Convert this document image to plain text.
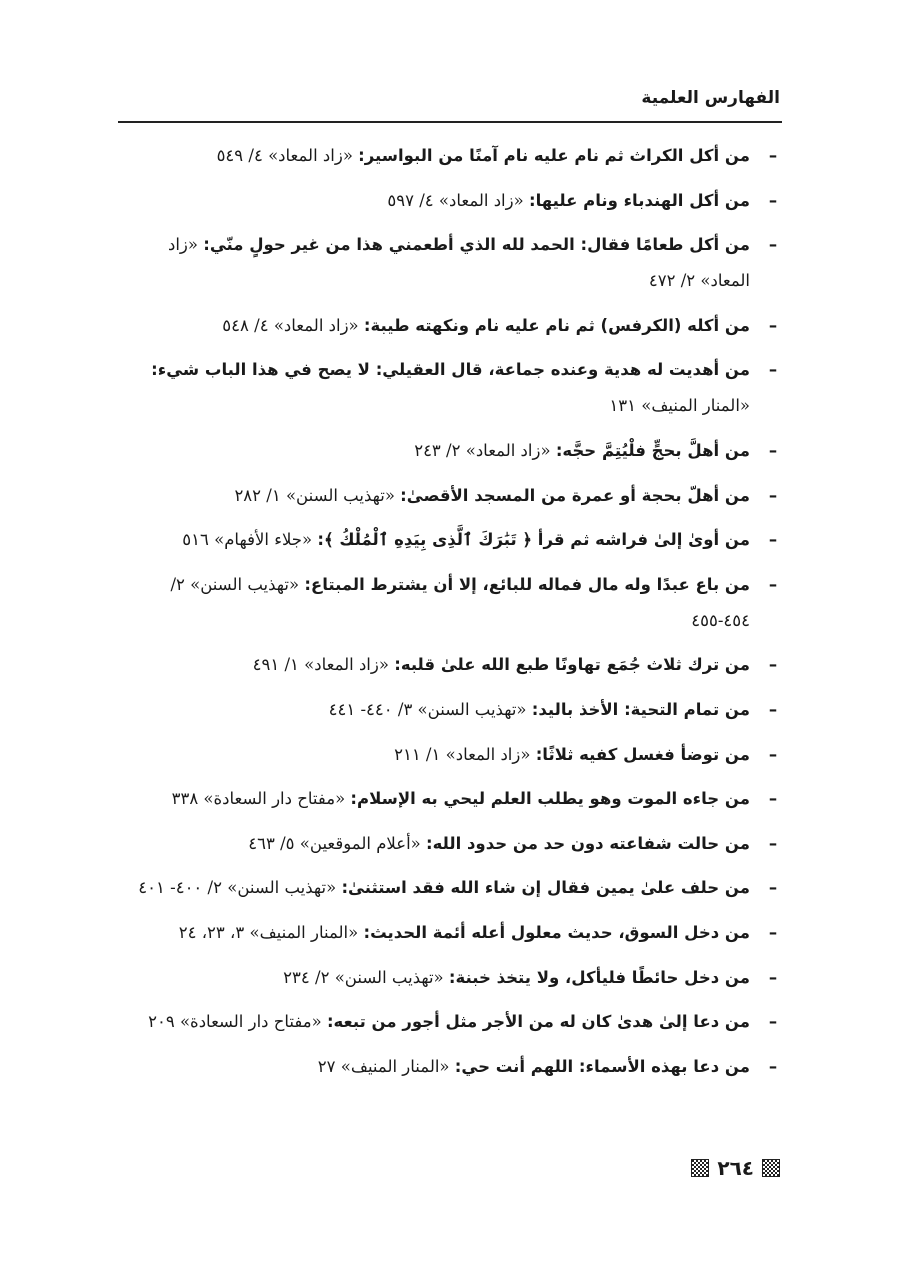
الفهارس العلمية
–
من أكل الكراث ثم نام عليه نام آمنًا من البواسير: «زاد المعاد» ٤/ ٥٤٩
–
من أكل الهندباء ونام عليها: «زاد المعاد» ٤/ ٥٩٧
–
من أكل طعامًا فقال: الحمد لله الذي أطعمني هذا من غير حولٍ منّي: «زاد المعاد» ٢/ ٤٧٢
–
من أكله (الكرفس) ثم نام عليه نام ونكهته طيبة: «زاد المعاد» ٤/ ٥٤٨
–
من أهديت له هدية وعنده جماعة، قال العقيلي: لا يصح في هذا الباب شيء: «المنار المنيف» ١٣١
–
من أهلَّ بحجٍّ فلْيُتِمَّ حجَّه: «زاد المعاد» ٢/ ٢٤٣
–
من أهلّ بحجة أو عمرة من المسجد الأقصىٰ: «تهذيب السنن» ١/ ٢٨٢
–
من أوىٰ إلىٰ فراشه ثم قرأ ﴿ تَبَٰرَكَ ٱلَّذِى بِيَدِهِ ٱلْمُلْكُ ﴾: «جلاء الأفهام» ٥١٦
–
من باع عبدًا وله مال فماله للبائع، إلا أن يشترط المبتاع: «تهذيب السنن» ٢/ ٤٥٤-٤٥٥
–
من ترك ثلاث جُمَع تهاونًا طبع الله علىٰ قلبه: «زاد المعاد» ١/ ٤٩١
–
من تمام التحية: الأخذ باليد: «تهذيب السنن» ٣/ ٤٤٠- ٤٤١
–
من توضأ فغسل كفيه ثلاثًا: «زاد المعاد» ١/ ٢١١
–
من جاءه الموت وهو يطلب العلم ليحي به الإسلام: «مفتاح دار السعادة» ٣٣٨
–
من حالت شفاعته دون حد من حدود الله: «أعلام الموقعين» ٥/ ٤٦٣
–
من حلف علىٰ يمين فقال إن شاء الله فقد استثنىٰ: «تهذيب السنن» ٢/ ٤٠٠- ٤٠١
–
من دخل السوق، حديث معلول أعله أئمة الحديث: «المنار المنيف» ٣، ٢٣، ٢٤
–
من دخل حائطًا فليأكل، ولا يتخذ خبنة: «تهذيب السنن» ٢/ ٢٣٤
–
من دعا إلىٰ هدىٰ كان له من الأجر مثل أجور من تبعه: «مفتاح دار السعادة» ٢٠٩
–
من دعا بهذه الأسماء: اللهم أنت حي: «المنار المنيف» ٢٧
٢٦٤
